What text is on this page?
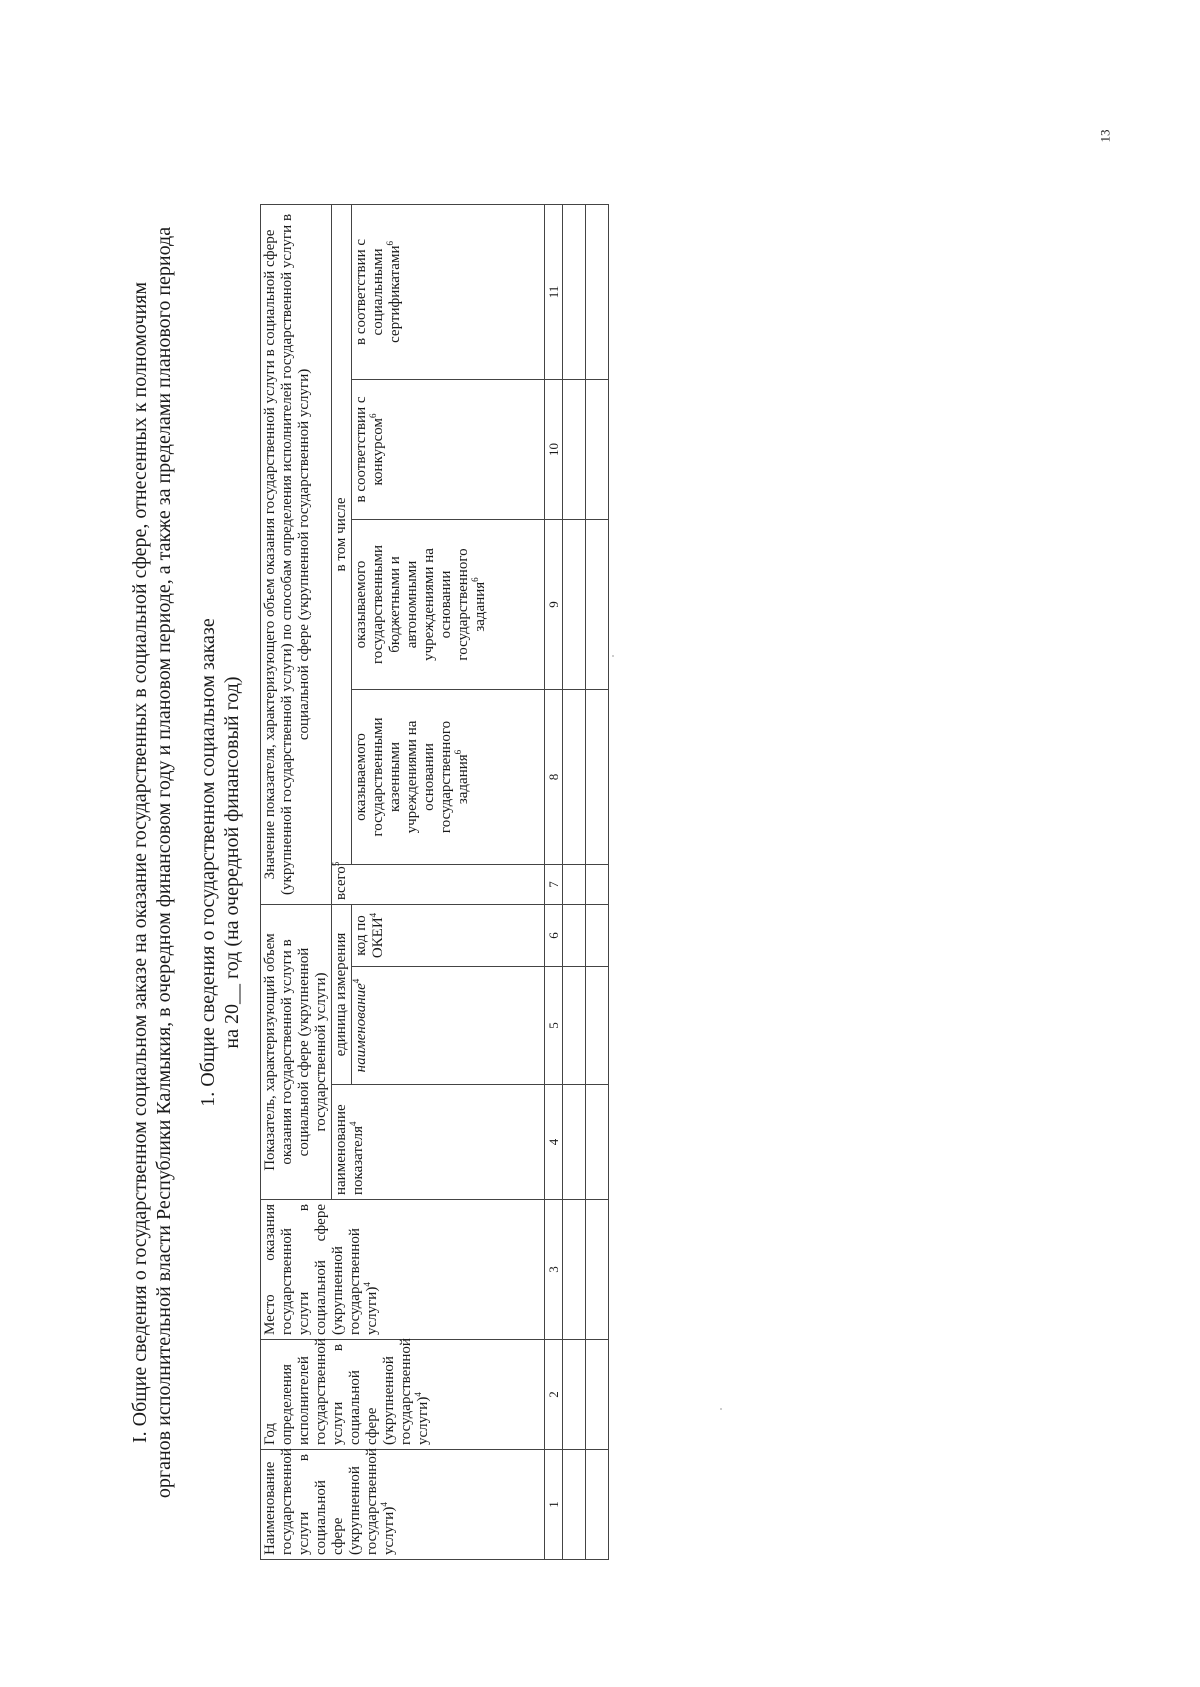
13
I. Общие сведения о государственном социальном заказе на оказание государственных в социальной сфере, отнесенных к полномочиям органов исполнительной власти Республики Калмыкия, в очередном финансовом году и плановом периоде, а также за пределами планового периода 1. Общие сведения о государственном социальном заказе на 20__ год (на очередной финансовый год)
Наименование государственной услуги в социальной сфере (укрупненной государственной услуги)$^4$	Год определения исполнителей государственной услуги в социальной сфере (укрупненной государственной услуги)$^4$	Место оказания государственной услуги в социальной сфере (укрупненной государственной услуги)$^4$	Показатель, характеризующий объем оказания государственной услуги в социальной сфере (укрупненной государственной услуги)			Значение показателя, характеризующего объем оказания государственной услуги в социальной сфере (укрупненной государственной услуги) по способам определения исполнителей государственной услуги в социальной сфере (укрупненной государственной услуги)				
			наименование показателя$^4$	единица измерения		всего$^5$	в том числе			
				наименование$^4$	код по ОКЕИ$^4$		оказываемого государственными казенными учреждениями на основании государственного задания$^6$	оказываемого государственными бюджетными и автономными учреждениями на основании государственного задания$^6$	в соответствии с конкурсом$^6$	в соответствии с социальными сертификатами$^6$
1	2	3	4	5	6	7	8	9	10	11
